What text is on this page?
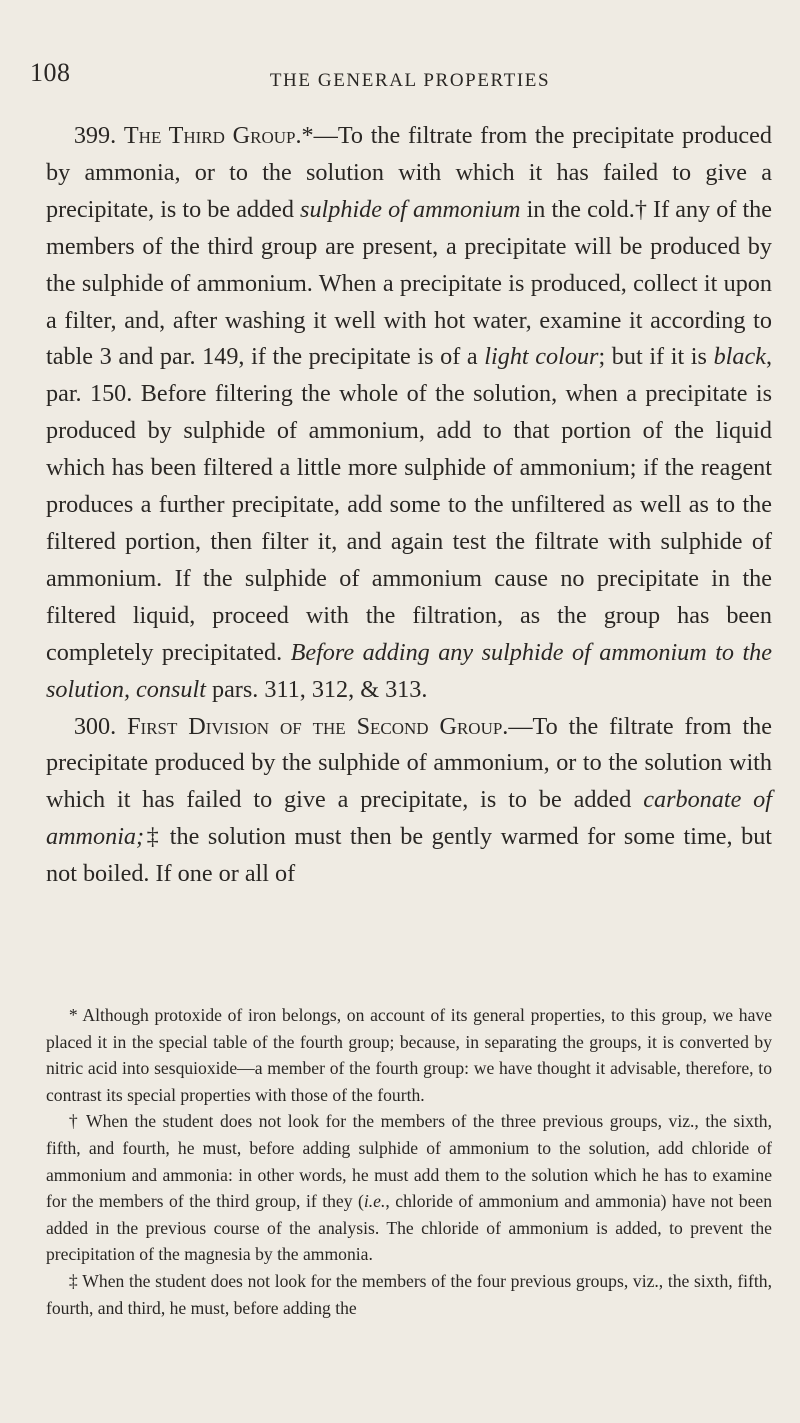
108	THE GENERAL PROPERTIES

399. The Third Group.*—To the filtrate from the precipitate produced by ammonia, or to the solution with which it has failed to give a precipitate, is to be added sulphide of ammonium in the cold.† If any of the members of the third group are present, a precipitate will be produced by the sulphide of ammonium. When a precipitate is produced, collect it upon a filter, and, after washing it well with hot water, examine it according to table 3 and par. 149, if the precipitate is of a light colour; but if it is black, par. 150. Before filtering the whole of the solution, when a precipitate is produced by sulphide of ammonium, add to that portion of the liquid which has been filtered a little more sulphide of ammonium; if the reagent produces a further precipitate, add some to the unfiltered as well as to the filtered portion, then filter it, and again test the filtrate with sulphide of ammonium. If the sulphide of ammonium cause no precipitate in the filtered liquid, proceed with the filtration, as the group has been completely precipitated. Before adding any sulphide of ammonium to the solution, consult pars. 311, 312, & 313.

300. First Division of the Second Group.—To the filtrate from the precipitate produced by the sulphide of ammonium, or to the solution with which it has failed to give a precipitate, is to be added carbonate of ammonia;‡ the solution must then be gently warmed for some time, but not boiled. If one or all of

* Although protoxide of iron belongs, on account of its general properties, to this group, we have placed it in the special table of the fourth group; because, in separating the groups, it is converted by nitric acid into sesquioxide—a member of the fourth group: we have thought it advisable, therefore, to contrast its special properties with those of the fourth.

† When the student does not look for the members of the three previous groups, viz., the sixth, fifth, and fourth, he must, before adding sulphide of ammonium to the solution, add chloride of ammonium and ammonia: in other words, he must add them to the solution which he has to examine for the members of the third group, if they (i.e., chloride of ammonium and ammonia) have not been added in the previous course of the analysis. The chloride of ammonium is added, to prevent the precipitation of the magnesia by the ammonia.

‡ When the student does not look for the members of the four previous groups, viz., the sixth, fifth, fourth, and third, he must, before adding the
